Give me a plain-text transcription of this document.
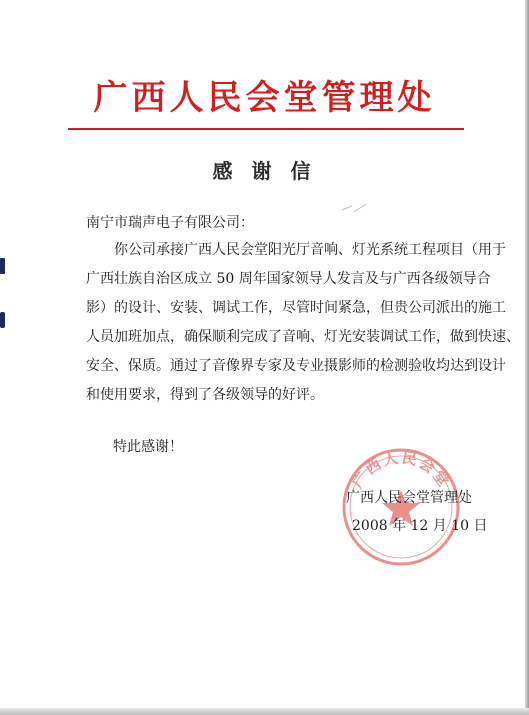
广西人民会堂管理处
感 谢 信
南宁市瑞声电子有限公司：
你公司承接广西人民会堂阳光厅音响、灯光系统工程项目（用于
广西壮族自治区成立 50 周年国家领导人发言及与广西各级领导合
影）的设计、安装、调试工作，尽管时间紧急，但贵公司派出的施工
人员加班加点，确保顺利完成了音响、灯光安装调试工作，做到快速、
安全、保质。通过了音像界专家及专业摄影师的检测验收均达到设计
和使用要求，得到了各级领导的好评。
特此感谢！
广西人民会堂
广西人民会堂管理处
2008 年 12 月 10 日
